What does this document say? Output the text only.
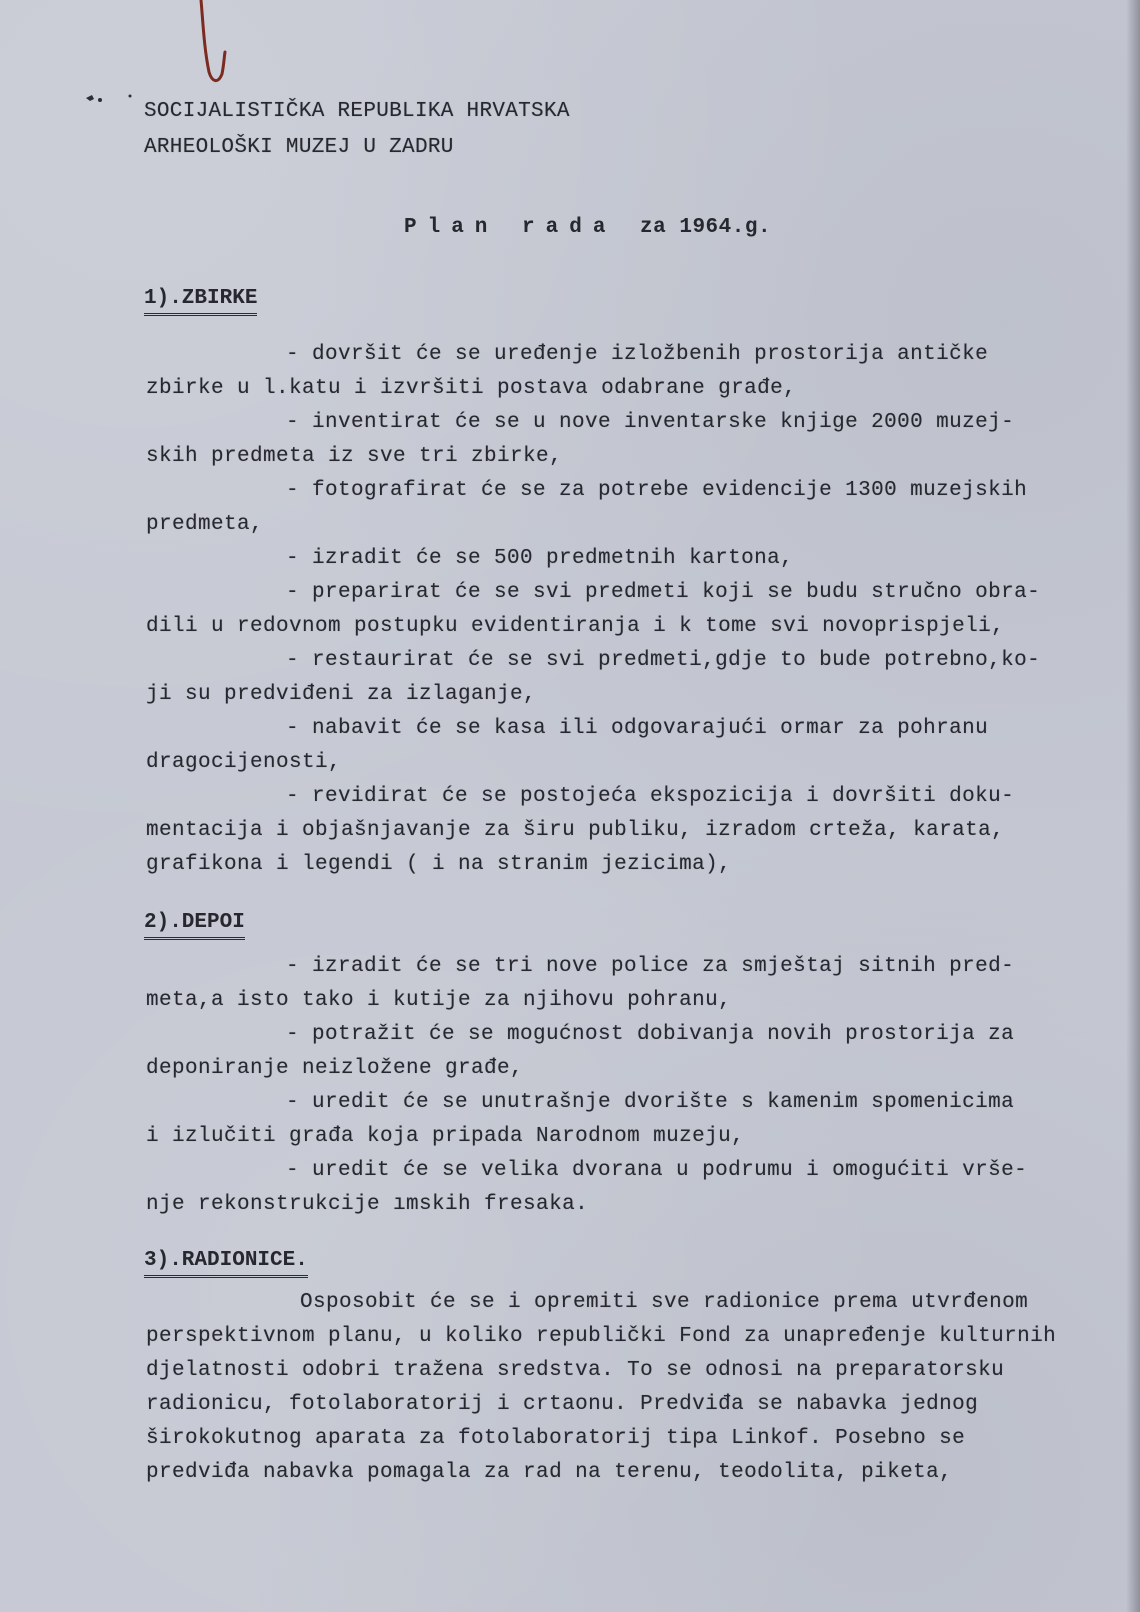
SOCIJALISTIČKA REPUBLIKA HRVATSKA
ARHEOLOŠKI MUZEJ U ZADRU
Plan rada za 1964.g.
1).ZBIRKE
- dovršit će se uređenje izložbenih prostorija antičke
zbirke u l.katu i izvršiti postava odabrane građe,
- inventirat će se u nove inventarske knjige 2000 muzej-
skih predmeta iz sve tri zbirke,
- fotografirat će se za potrebe evidencije 1300 muzejskih
predmeta,
- izradit će se 500 predmetnih kartona,
- preparirat će se svi predmeti koji se budu stručno obra-
dili u redovnom postupku evidentiranja i k tome svi novoprispjeli,
- restaurirat će se svi predmeti,gdje to bude potrebno,ko-
ji su predviđeni za izlaganje,
- nabavit će se kasa ili odgovarajući ormar za pohranu
dragocijenosti,
- revidirat će se postojeća ekspozicija i dovršiti doku-
mentacija i objašnjavanje za širu publiku, izradom crteža, karata,
grafikona i legendi ( i na stranim jezicima),
2).DEPOI
- izradit će se tri nove police za smještaj sitnih pred-
meta,a isto tako i kutije za njihovu pohranu,
- potražit će se mogućnost dobivanja novih prostorija za
deponiranje neizložene građe,
- uredit će se unutrašnje dvorište s kamenim spomenicima
i izlučiti građa koja pripada Narodnom muzeju,
- uredit će se velika dvorana u podrumu i omogućiti vrše-
nje rekonstrukcije ımskih fresaka.
3).RADIONICE.
Osposobit će se i opremiti sve radionice prema utvrđenom
perspektivnom planu, u koliko republički Fond za unapređenje kulturnih
djelatnosti odobri tražena sredstva. To se odnosi na preparatorsku
radionicu, fotolaboratorij i crtaonu. Predviđa se nabavka jednog
širokokutnog aparata za fotolaboratorij tipa Linkof. Posebno se
predviđa nabavka pomagala za rad na terenu, teodolita, piketa,
